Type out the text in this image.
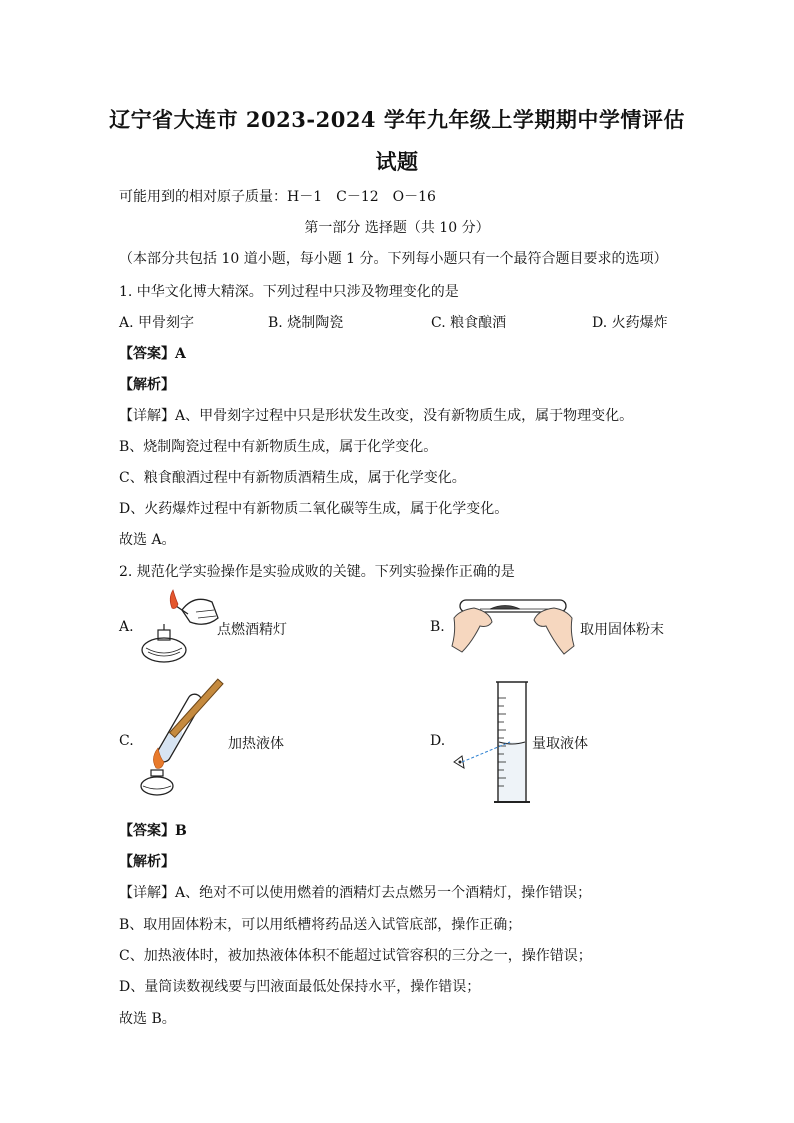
辽宁省大连市 2023-2024 学年九年级上学期期中学情评估
试题
可能用到的相对原子质量：H－1　C－12　O－16
第一部分 选择题（共 10 分）
（本部分共包括 10 道小题，每小题 1 分。下列每小题只有一个最符合题目要求的选项）
1. 中华文化博大精深。下列过程中只涉及物理变化的是
A. 甲骨刻字	B. 烧制陶瓷	C. 粮食酿酒	D. 火药爆炸
【答案】A
【解析】
【详解】A、甲骨刻字过程中只是形状发生改变，没有新物质生成，属于物理变化。
B、烧制陶瓷过程中有新物质生成，属于化学变化。
C、粮食酿酒过程中有新物质酒精生成，属于化学变化。
D、火药爆炸过程中有新物质二氧化碳等生成，属于化学变化。
故选 A。
2. 规范化学实验操作是实验成败的关键。下列实验操作正确的是
A.	点燃酒精灯	B.	取用固体粉末
C.	加热液体	D.	量取液体
【答案】B
【解析】
【详解】A、绝对不可以使用燃着的酒精灯去点燃另一个酒精灯，操作错误；
B、取用固体粉末，可以用纸槽将药品送入试管底部，操作正确；
C、加热液体时，被加热液体体积不能超过试管容积的三分之一，操作错误；
D、量筒读数视线要与凹液面最低处保持水平，操作错误；
故选 B。
